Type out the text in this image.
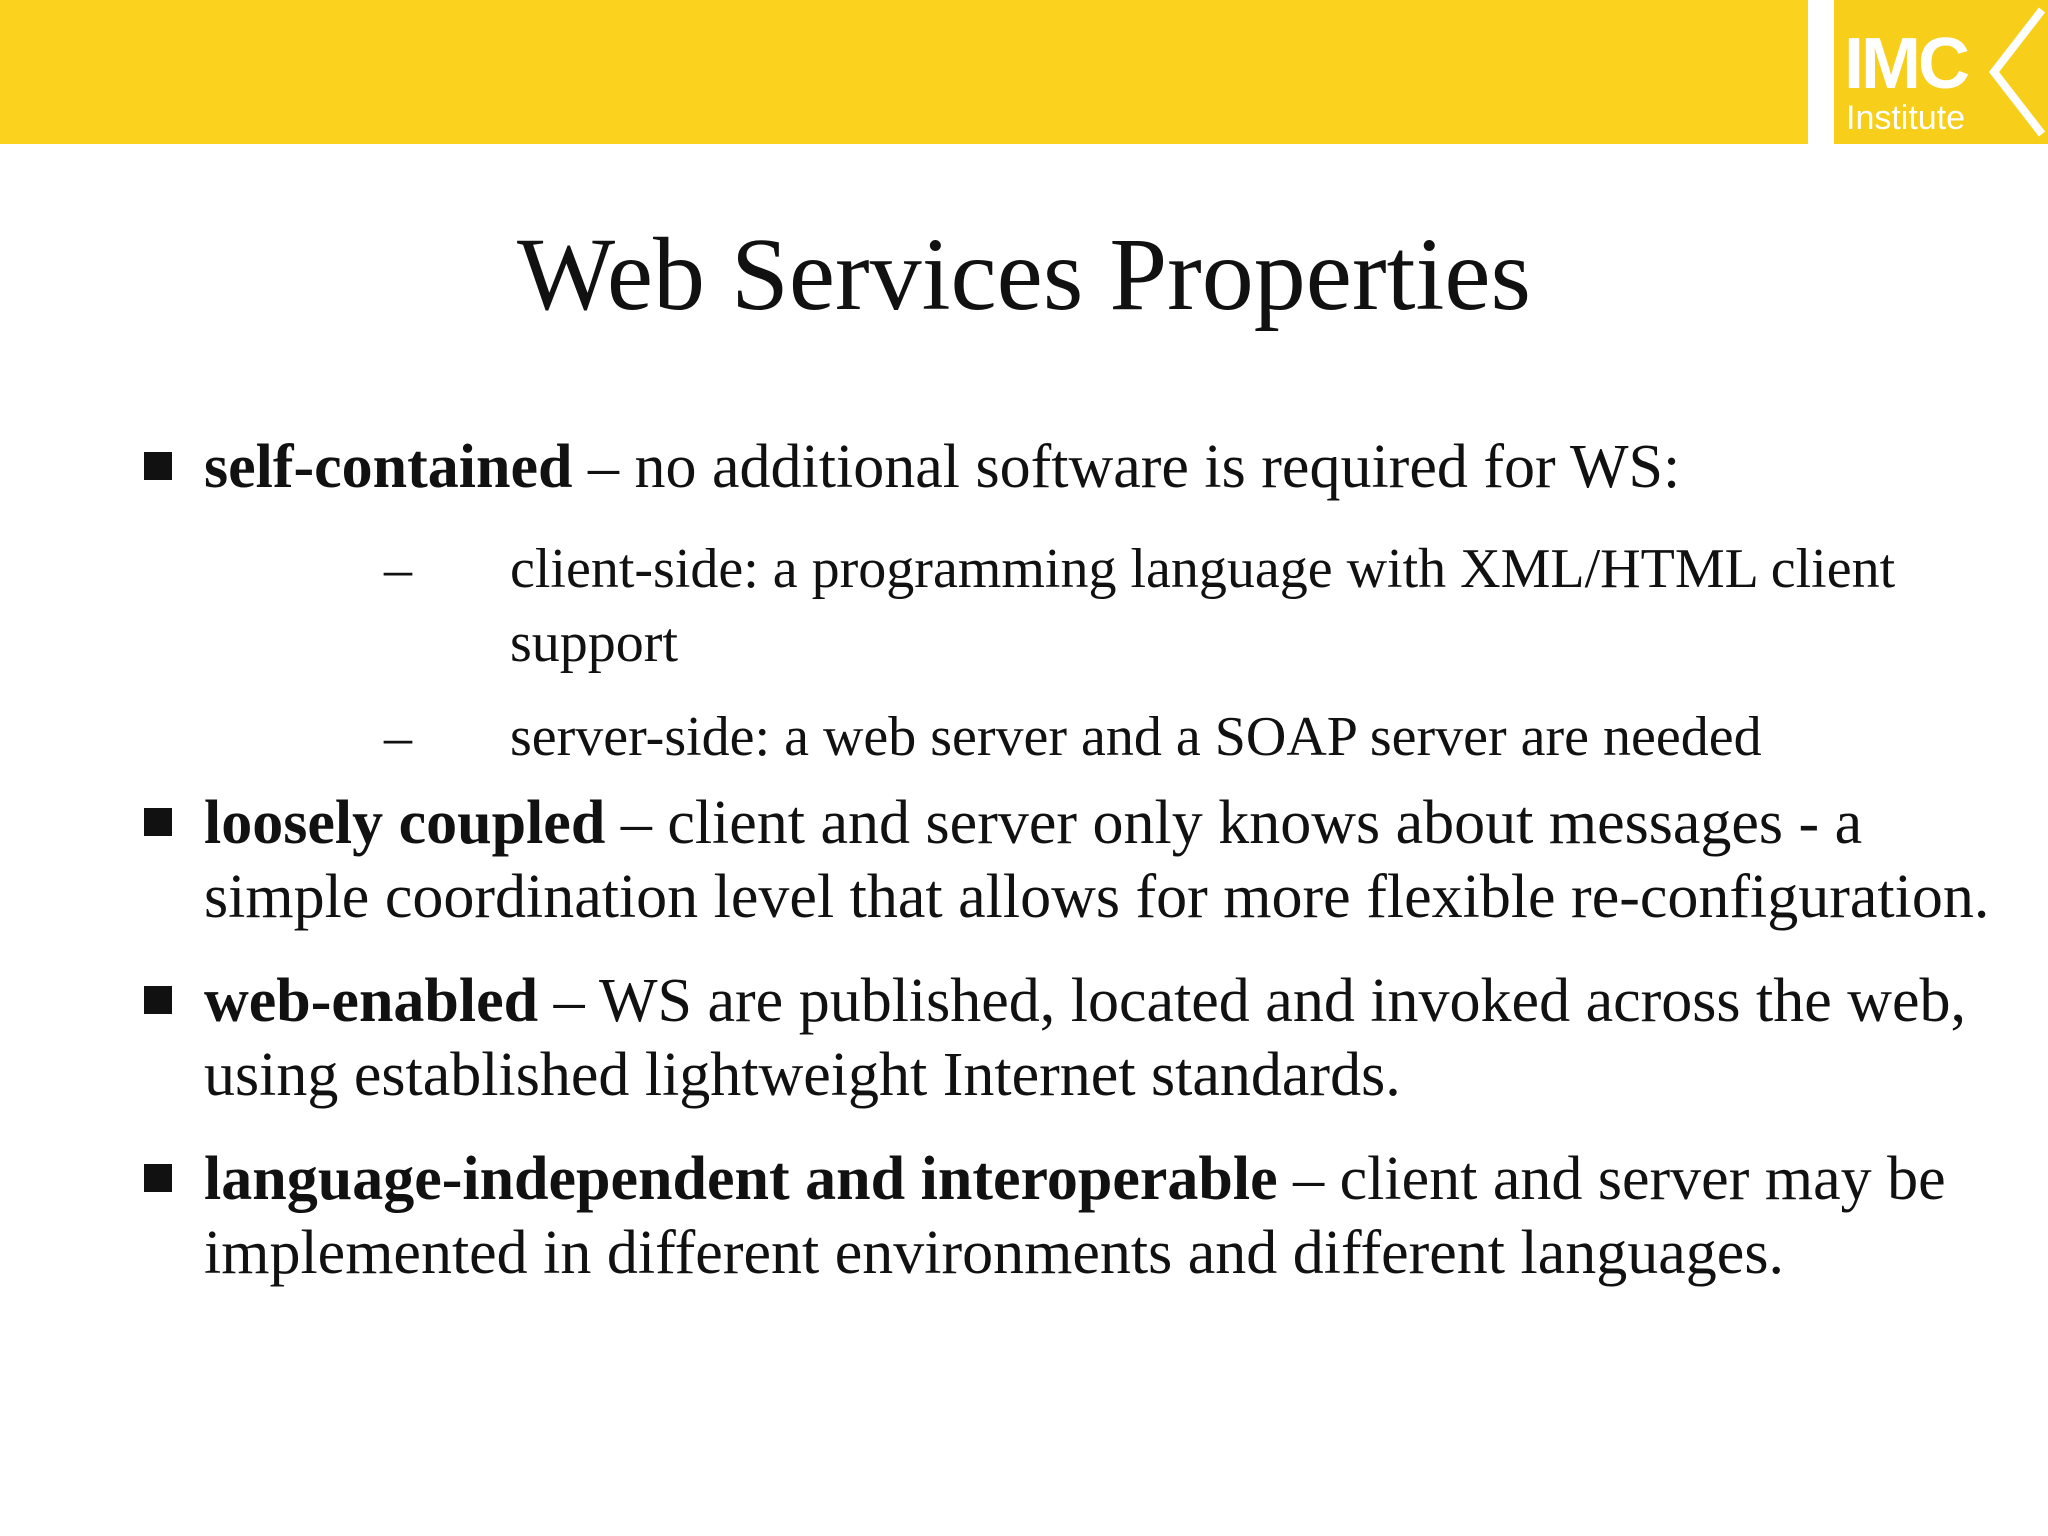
IMC
Institute
Web Services Properties
self-contained – no additional software is required for WS:
– client-side: a programming language with XML/HTML client support
– server-side: a web server and a SOAP server are needed
loosely coupled – client and server only knows about messages - a simple coordination level that allows for more flexible re-configuration.
web-enabled – WS are published, located and invoked across the web, using established lightweight Internet standards.
language-independent and interoperable – client and server may be implemented in different environments and different languages.
